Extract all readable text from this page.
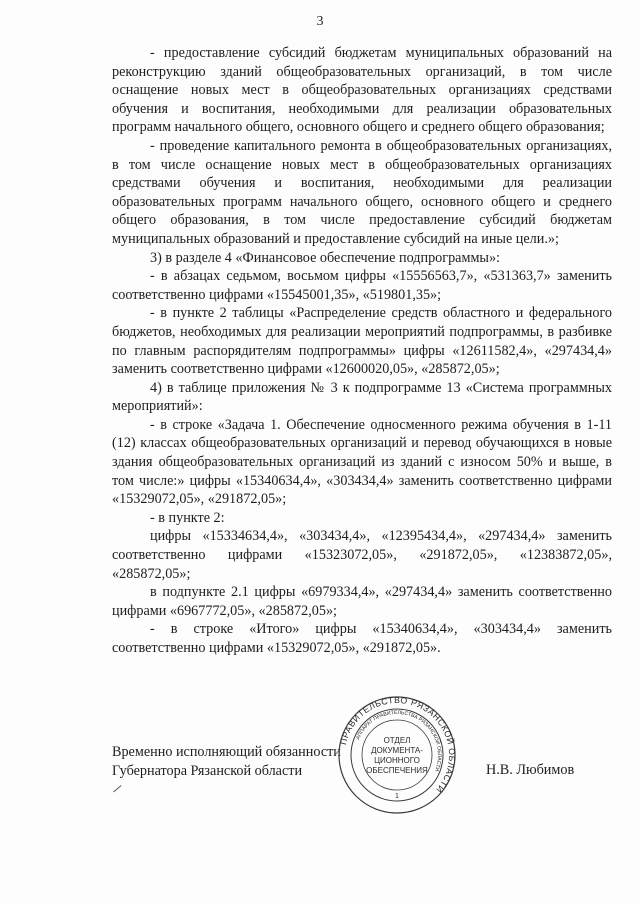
3

- предоставление субсидий бюджетам муниципальных образований на реконструкцию зданий общеобразовательных организаций, в том числе оснащение новых мест в общеобразовательных организациях средствами обучения и воспитания, необходимыми для реализации образовательных программ начального общего, основного общего и среднего общего образования;

- проведение капитального ремонта в общеобразовательных организациях, в том числе оснащение новых мест в общеобразовательных организациях средствами обучения и воспитания, необходимыми для реализации образовательных программ начального общего, основного общего и среднего общего образования, в том числе предоставление субсидий бюджетам муниципальных образований и предоставление субсидий на иные цели.»;

3) в разделе 4 «Финансовое обеспечение подпрограммы»:

- в абзацах седьмом, восьмом цифры «15556563,7», «531363,7» заменить соответственно цифрами «15545001,35», «519801,35»;

- в пункте 2 таблицы «Распределение средств областного и федерального бюджетов, необходимых для реализации мероприятий подпрограммы, в разбивке по главным распорядителям подпрограммы» цифры «12611582,4», «297434,4» заменить соответственно цифрами «12600020,05», «285872,05»;

4) в таблице приложения № 3 к подпрограмме 13 «Система программных мероприятий»:

- в строке «Задача 1. Обеспечение односменного режима обучения в 1-11 (12) классах общеобразовательных организаций и перевод обучающихся в новые здания общеобразовательных организаций из зданий с износом 50% и выше, в том числе:» цифры «15340634,4», «303434,4» заменить соответственно цифрами «15329072,05», «291872,05»;

- в пункте 2:

цифры «15334634,4», «303434,4», «12395434,4», «297434,4» заменить соответственно цифрами «15323072,05», «291872,05», «12383872,05», «285872,05»;

в подпункте 2.1 цифры «6979334,4», «297434,4» заменить соответственно цифрами «6967772,05», «285872,05»;

- в строке «Итого» цифры «15340634,4», «303434,4» заменить соответственно цифрами «15329072,05», «291872,05».

Временно исполняющий обязанности
Губернатора Рязанской области	Н.В. Любимов
ПРАВИТЕЛЬСТВО РЯЗАНСКОЙ ОБЛАСТИ
АППАРАТ ПРАВИТЕЛЬСТВА РЯЗАНСКОЙ ОБЛАСТИ
ОТДЕЛ
ДОКУМЕНТА-
ЦИОННОГО
ОБЕСПЕЧЕНИЯ
1
